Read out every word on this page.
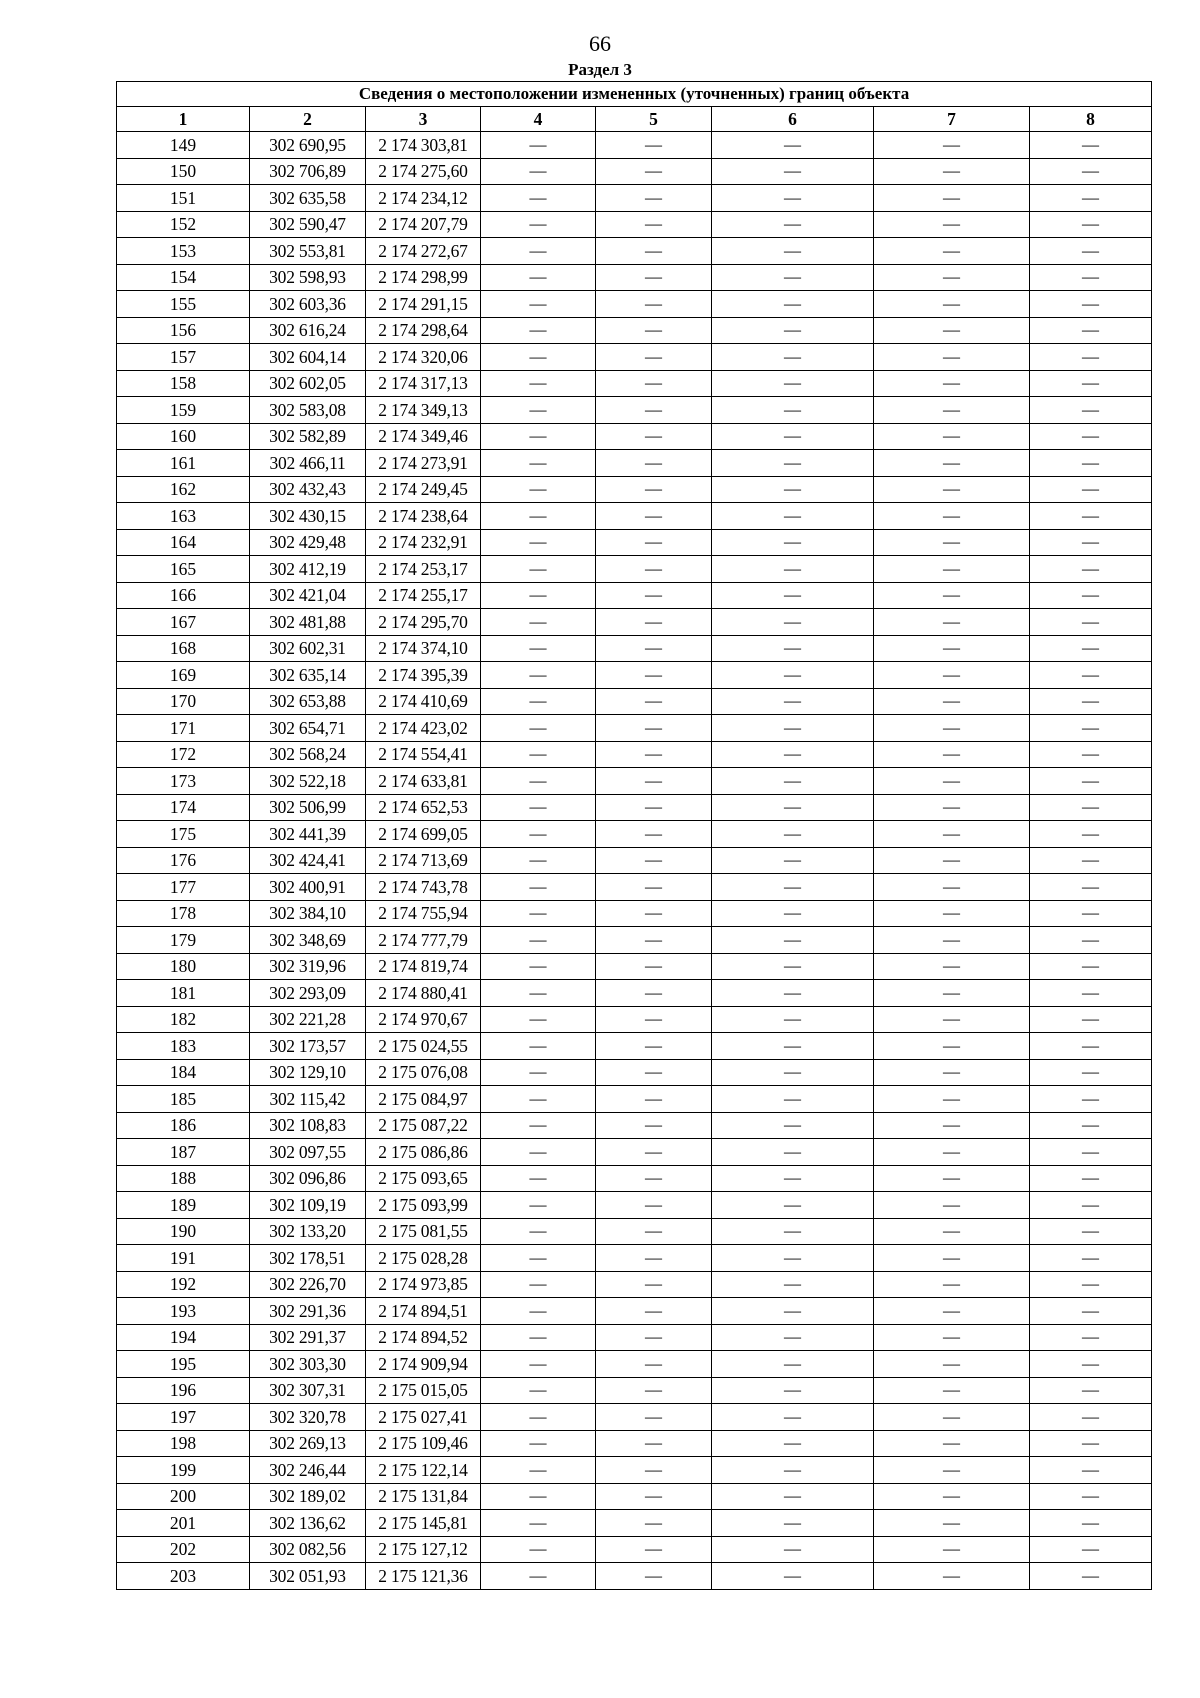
66
Раздел 3
Сведения о местоположении измененных (уточненных) границ объекта							
1	2	3	4	5	6	7	8
149	302 690,95	2 174 303,81	—	—	—	—	—
150	302 706,89	2 174 275,60	—	—	—	—	—
151	302 635,58	2 174 234,12	—	—	—	—	—
152	302 590,47	2 174 207,79	—	—	—	—	—
153	302 553,81	2 174 272,67	—	—	—	—	—
154	302 598,93	2 174 298,99	—	—	—	—	—
155	302 603,36	2 174 291,15	—	—	—	—	—
156	302 616,24	2 174 298,64	—	—	—	—	—
157	302 604,14	2 174 320,06	—	—	—	—	—
158	302 602,05	2 174 317,13	—	—	—	—	—
159	302 583,08	2 174 349,13	—	—	—	—	—
160	302 582,89	2 174 349,46	—	—	—	—	—
161	302 466,11	2 174 273,91	—	—	—	—	—
162	302 432,43	2 174 249,45	—	—	—	—	—
163	302 430,15	2 174 238,64	—	—	—	—	—
164	302 429,48	2 174 232,91	—	—	—	—	—
165	302 412,19	2 174 253,17	—	—	—	—	—
166	302 421,04	2 174 255,17	—	—	—	—	—
167	302 481,88	2 174 295,70	—	—	—	—	—
168	302 602,31	2 174 374,10	—	—	—	—	—
169	302 635,14	2 174 395,39	—	—	—	—	—
170	302 653,88	2 174 410,69	—	—	—	—	—
171	302 654,71	2 174 423,02	—	—	—	—	—
172	302 568,24	2 174 554,41	—	—	—	—	—
173	302 522,18	2 174 633,81	—	—	—	—	—
174	302 506,99	2 174 652,53	—	—	—	—	—
175	302 441,39	2 174 699,05	—	—	—	—	—
176	302 424,41	2 174 713,69	—	—	—	—	—
177	302 400,91	2 174 743,78	—	—	—	—	—
178	302 384,10	2 174 755,94	—	—	—	—	—
179	302 348,69	2 174 777,79	—	—	—	—	—
180	302 319,96	2 174 819,74	—	—	—	—	—
181	302 293,09	2 174 880,41	—	—	—	—	—
182	302 221,28	2 174 970,67	—	—	—	—	—
183	302 173,57	2 175 024,55	—	—	—	—	—
184	302 129,10	2 175 076,08	—	—	—	—	—
185	302 115,42	2 175 084,97	—	—	—	—	—
186	302 108,83	2 175 087,22	—	—	—	—	—
187	302 097,55	2 175 086,86	—	—	—	—	—
188	302 096,86	2 175 093,65	—	—	—	—	—
189	302 109,19	2 175 093,99	—	—	—	—	—
190	302 133,20	2 175 081,55	—	—	—	—	—
191	302 178,51	2 175 028,28	—	—	—	—	—
192	302 226,70	2 174 973,85	—	—	—	—	—
193	302 291,36	2 174 894,51	—	—	—	—	—
194	302 291,37	2 174 894,52	—	—	—	—	—
195	302 303,30	2 174 909,94	—	—	—	—	—
196	302 307,31	2 175 015,05	—	—	—	—	—
197	302 320,78	2 175 027,41	—	—	—	—	—
198	302 269,13	2 175 109,46	—	—	—	—	—
199	302 246,44	2 175 122,14	—	—	—	—	—
200	302 189,02	2 175 131,84	—	—	—	—	—
201	302 136,62	2 175 145,81	—	—	—	—	—
202	302 082,56	2 175 127,12	—	—	—	—	—
203	302 051,93	2 175 121,36	—	—	—	—	—
